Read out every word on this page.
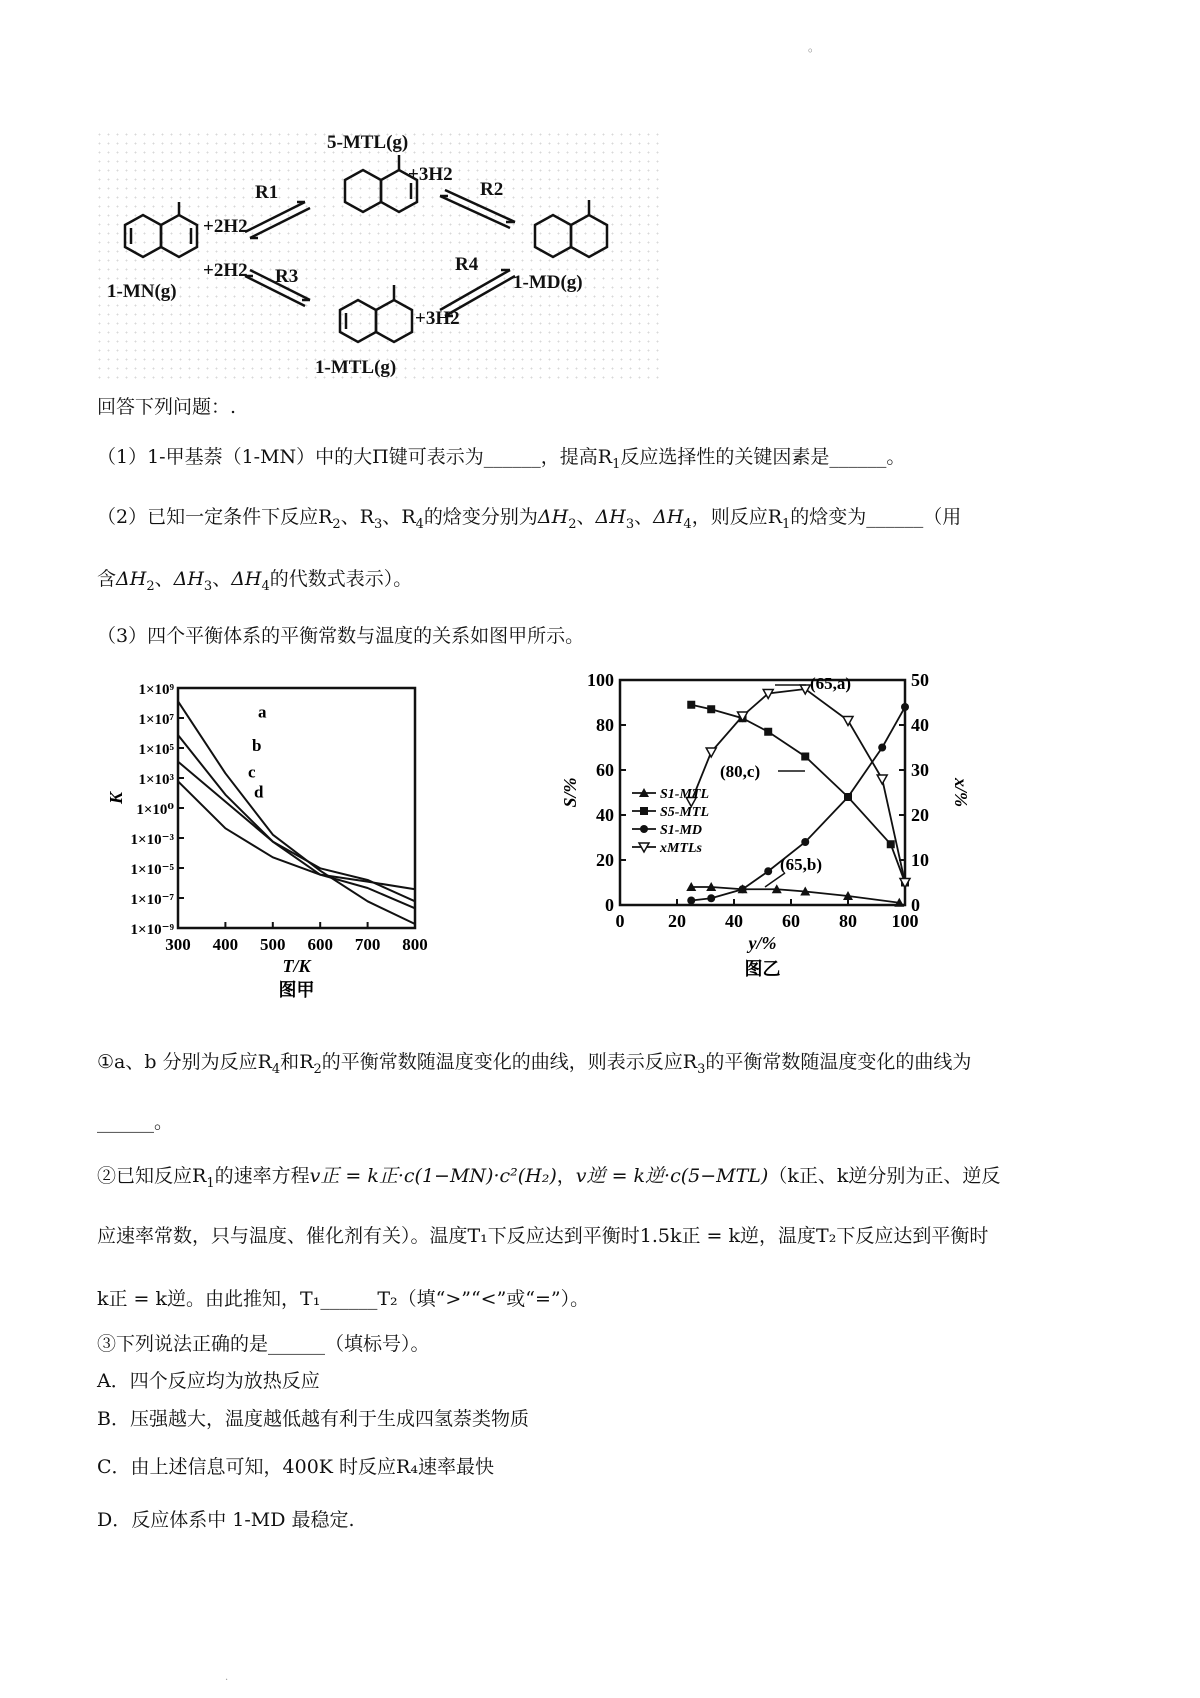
。
1-MN(g)
5-MTL(g)
1-MTL(g)
1-MD(g)
R1	R2
R3
R4
+2H2
+2H2
+3H2
+3H2
回答下列问题：.
（1）1-甲基萘（1-MN）中的大Π键可表示为______，提高$R_1$反应选择性的关键因素是______。
（2）已知一定条件下反应$R_2$、$R_3$、$R_4$的焓变分别为$\Delta H_2$、$\Delta H_3$、$\Delta H_4$，则反应$R_1$的焓变为______（用
含$\Delta H_2$、$\Delta H_3$、$\Delta H_4$的代数式表示）。
（3）四个平衡体系的平衡常数与温度的关系如图甲所示。
300 400 500 600 700 800
1×10⁹
1×10⁷
1×10⁵
1×10³
1×10⁰
1×10⁻³
1×10⁻⁵
1×10⁻⁷
1×10⁻⁹
T/K
K
图甲
a
b
c
d
0 20 40 60 80 100
0
20
40
60
80
100
0
10
20
30
40
50
y/%
S/%	x/%
图乙
S1-MTL
S5-MTL
S1-MD
xMTLs
(65,a)
(80,c)
(65,b)
①a、b 分别为反应$R_4$和$R_2$的平衡常数随温度变化的曲线，则表示反应$R_3$的平衡常数随温度变化的曲线为
______。
②已知反应$R_1$的速率方程v正 = k正·c(1−MN)·c²(H₂)，v逆 = k逆·c(5−MTL)（k正、k逆分别为正、逆反
应速率常数，只与温度、催化剂有关）。温度T₁下反应达到平衡时1.5k正 = k逆，温度T₂下反应达到平衡时
k正 = k逆。由此推知，T₁______T₂（填“>”“<”或“=”）。
③下列说法正确的是______（填标号）。
A．四个反应均为放热反应
B．压强越大，温度越低越有利于生成四氢萘类物质
C．由上述信息可知，400K 时反应R₄速率最快
D．反应体系中 1-MD 最稳定.
.
